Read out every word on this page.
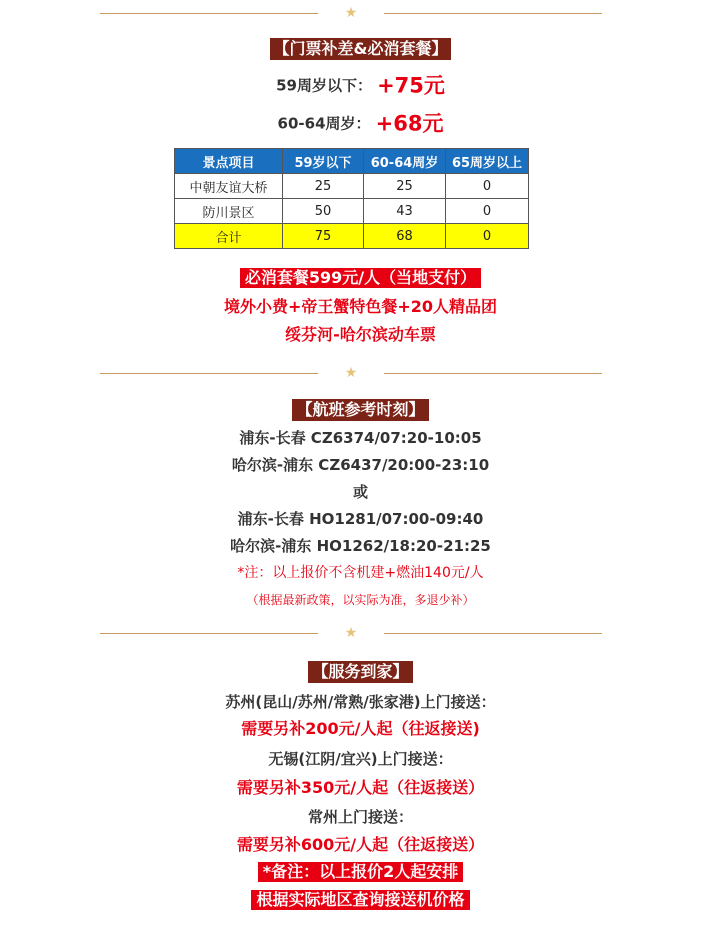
★
【门票补差&必消套餐】
59周岁以下： +75元
60-64周岁： +68元
景点项目	59岁以下	60-64周岁	65周岁以上
中朝友谊大桥	25	25	0
防川景区	50	43	0
合计	75	68	0
必消套餐599元/人（当地支付）
境外小费+帝王蟹特色餐+20人精品团
绥芬河-哈尔滨动车票
★
【航班参考时刻】
浦东-长春 CZ6374/07:20-10:05
哈尔滨-浦东 CZ6437/20:00-23:10
或
浦东-长春 HO1281/07:00-09:40
哈尔滨-浦东 HO1262/18:20-21:25
*注：以上报价不含机建+燃油140元/人
（根据最新政策，以实际为准，多退少补）
★
【服务到家】
苏州(昆山/苏州/常熟/张家港)上门接送：
需要另补200元/人起（往返接送)
无锡(江阴/宜兴)上门接送：
需要另补350元/人起（往返接送）
常州上门接送：
需要另补600元/人起（往返接送）
*备注：以上报价2人起安排
根据实际地区查询接送机价格
